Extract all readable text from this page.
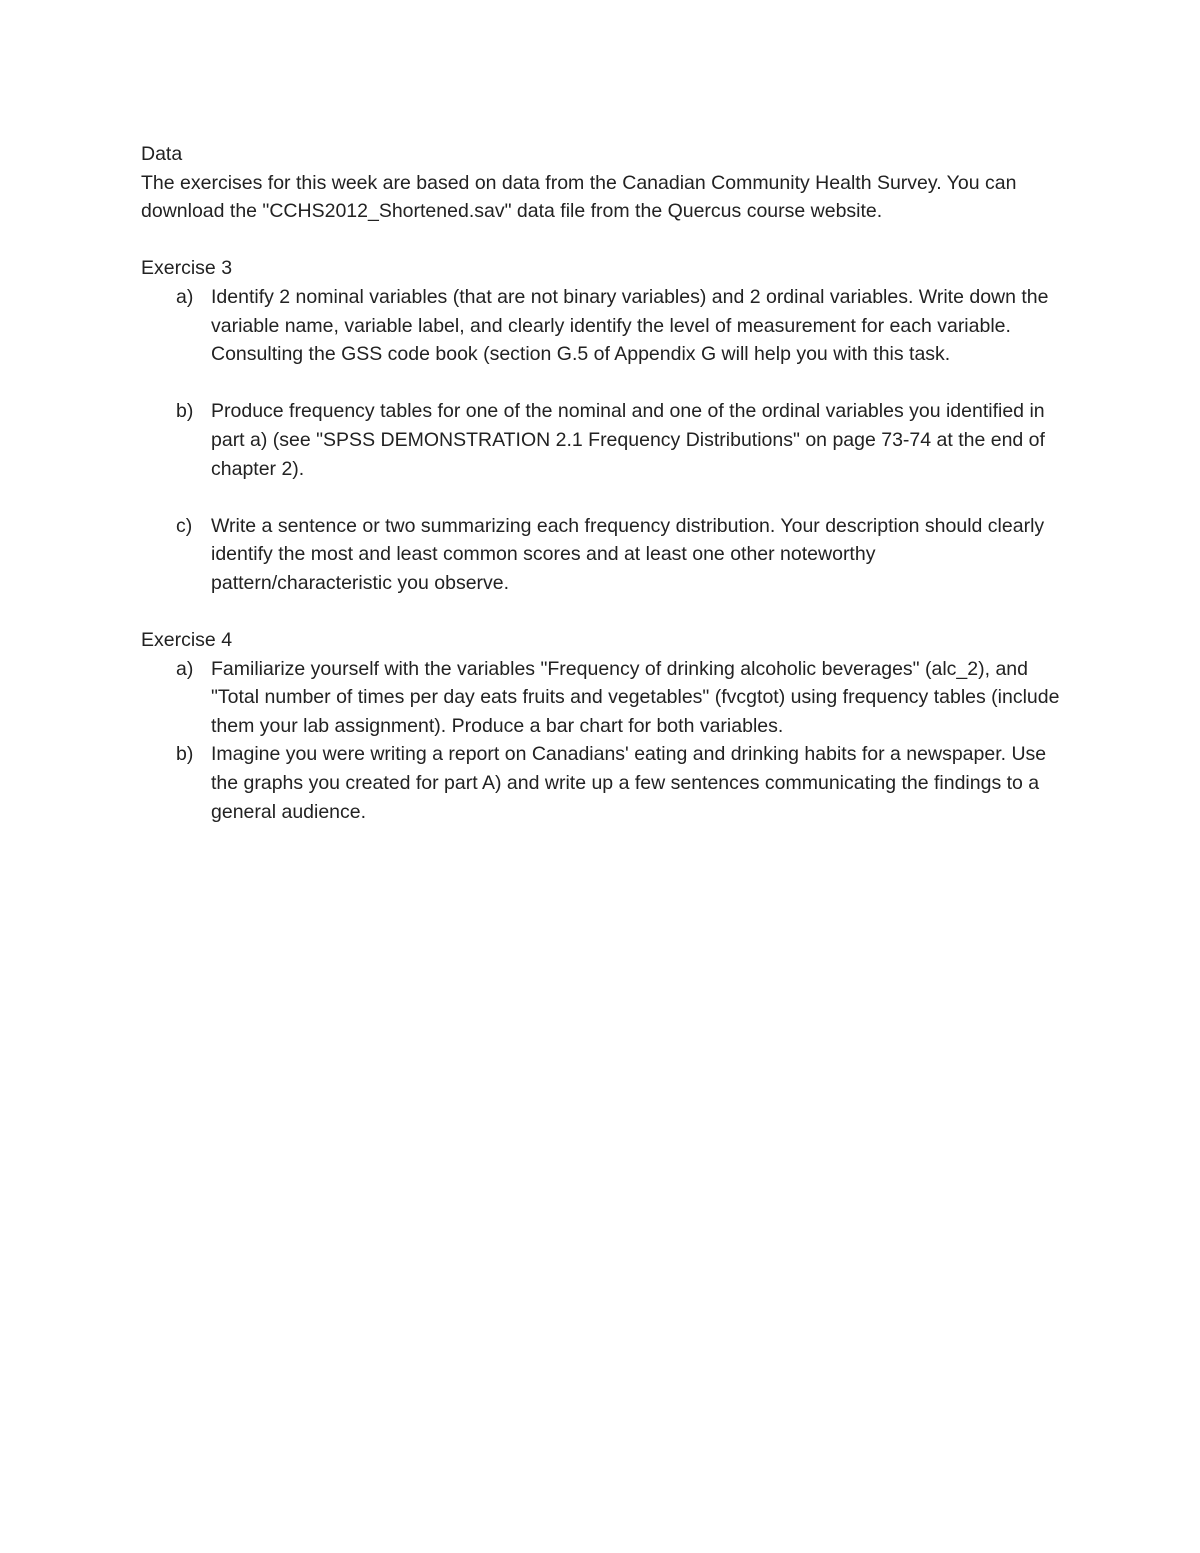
Data
The exercises for this week are based on data from the Canadian Community Health Survey. You can download the "CCHS2012_Shortened.sav" data file from the Quercus course website.
Exercise 3
a) Identify 2 nominal variables (that are not binary variables) and 2 ordinal variables. Write down the variable name, variable label, and clearly identify the level of measurement for each variable. Consulting the GSS code book (section G.5 of Appendix G will help you with this task.
b) Produce frequency tables for one of the nominal and one of the ordinal variables you identified in part a) (see "SPSS DEMONSTRATION 2.1 Frequency Distributions" on page 73-74 at the end of chapter 2).
c) Write a sentence or two summarizing each frequency distribution. Your description should clearly identify the most and least common scores and at least one other noteworthy pattern/characteristic you observe.
Exercise 4
a) Familiarize yourself with the variables "Frequency of drinking alcoholic beverages" (alc_2), and "Total number of times per day eats fruits and vegetables" (fvcgtot) using frequency tables (include them your lab assignment). Produce a bar chart for both variables.
b) Imagine you were writing a report on Canadians' eating and drinking habits for a newspaper. Use the graphs you created for part A) and write up a few sentences communicating the findings to a general audience.
